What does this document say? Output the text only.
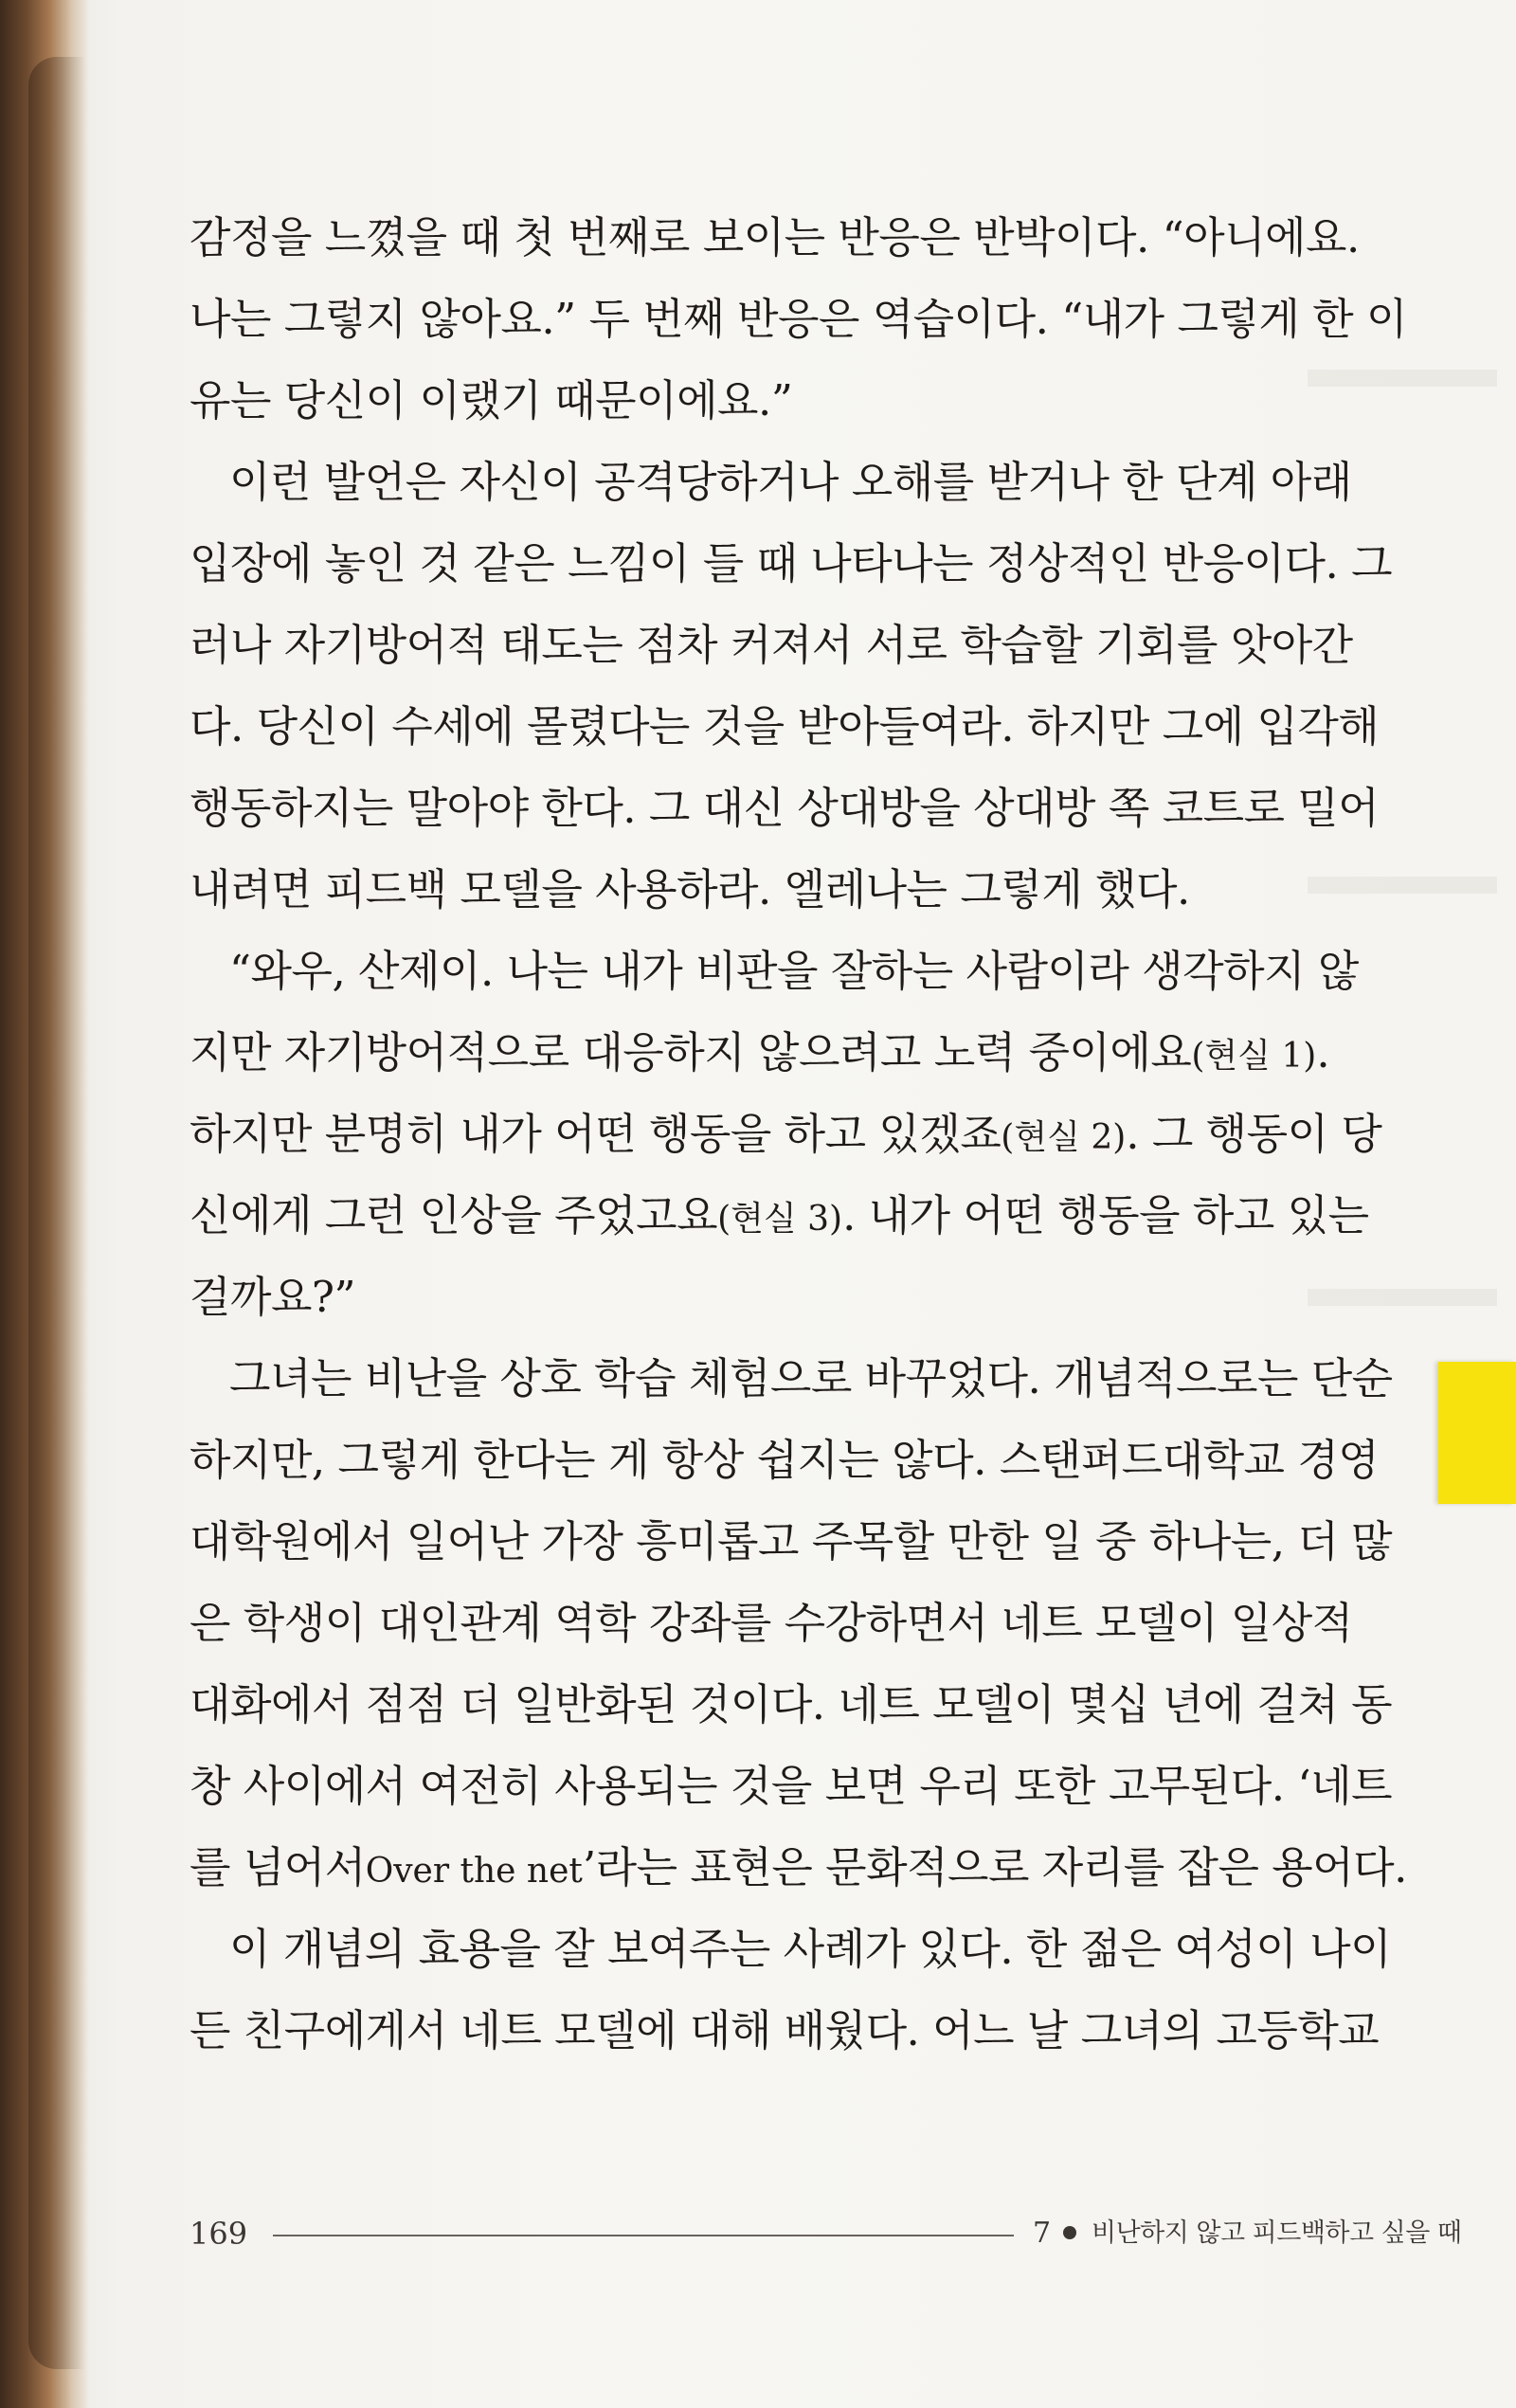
감정을 느꼈을 때 첫 번째로 보이는 반응은 반박이다. “아니에요.
나는 그렇지 않아요.” 두 번째 반응은 역습이다. “내가 그렇게 한 이
유는 당신이 이랬기 때문이에요.”
이런 발언은 자신이 공격당하거나 오해를 받거나 한 단계 아래
입장에 놓인 것 같은 느낌이 들 때 나타나는 정상적인 반응이다. 그
러나 자기방어적 태도는 점차 커져서 서로 학습할 기회를 앗아간
다. 당신이 수세에 몰렸다는 것을 받아들여라. 하지만 그에 입각해
행동하지는 말아야 한다. 그 대신 상대방을 상대방 쪽 코트로 밀어
내려면 피드백 모델을 사용하라. 엘레나는 그렇게 했다.
“와우, 산제이. 나는 내가 비판을 잘하는 사람이라 생각하지 않
지만 자기방어적으로 대응하지 않으려고 노력 중이에요(현실 1).
하지만 분명히 내가 어떤 행동을 하고 있겠죠(현실 2). 그 행동이 당
신에게 그런 인상을 주었고요(현실 3). 내가 어떤 행동을 하고 있는
걸까요?”
그녀는 비난을 상호 학습 체험으로 바꾸었다. 개념적으로는 단순
하지만, 그렇게 한다는 게 항상 쉽지는 않다. 스탠퍼드대학교 경영
대학원에서 일어난 가장 흥미롭고 주목할 만한 일 중 하나는, 더 많
은 학생이 대인관계 역학 강좌를 수강하면서 네트 모델이 일상적
대화에서 점점 더 일반화된 것이다. 네트 모델이 몇십 년에 걸쳐 동
창 사이에서 여전히 사용되는 것을 보면 우리 또한 고무된다. ‘네트
를 넘어서Over the net’라는 표현은 문화적으로 자리를 잡은 용어다.
이 개념의 효용을 잘 보여주는 사례가 있다. 한 젊은 여성이 나이
든 친구에게서 네트 모델에 대해 배웠다. 어느 날 그녀의 고등학교
169	7 비난하지 않고 피드백하고 싶을 때
